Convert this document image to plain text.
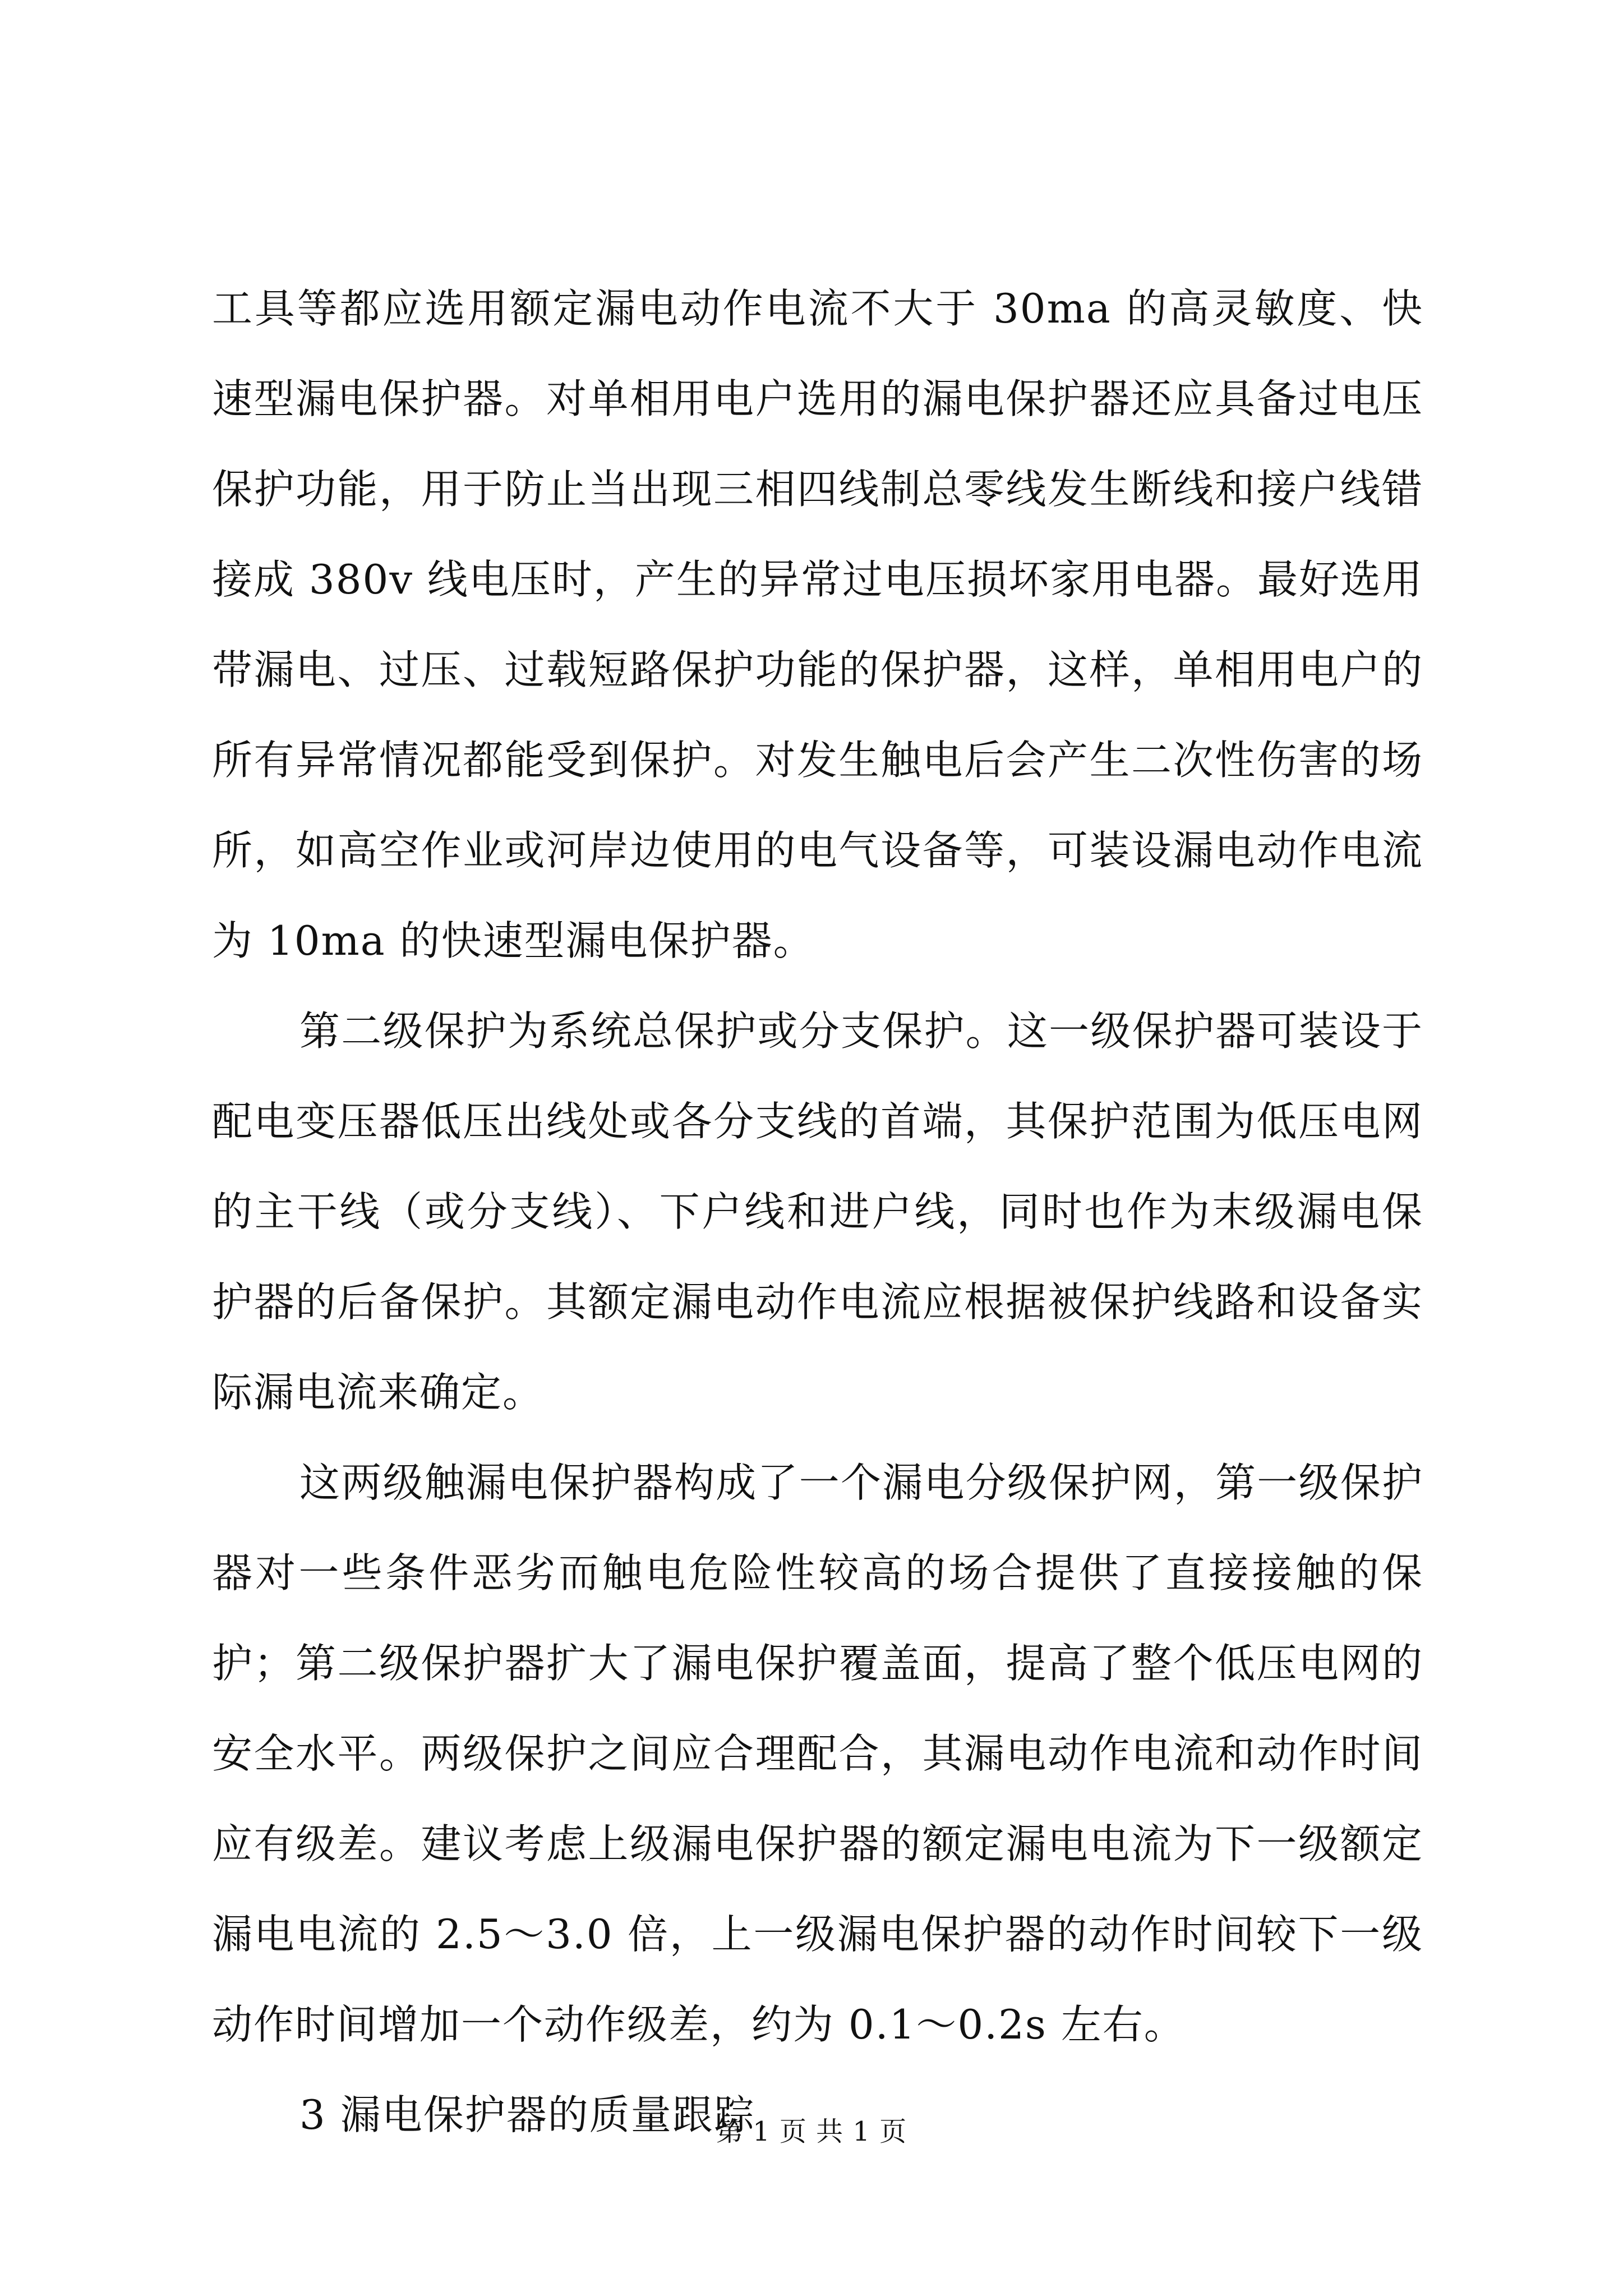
工具等都应选用额定漏电动作电流不大于 30ma 的高灵敏度、快速型漏电保护器。对单相用电户选用的漏电保护器还应具备过电压保护功能，用于防止当出现三相四线制总零线发生断线和接户线错接成 380v 线电压时，产生的异常过电压损坏家用电器。最好选用带漏电、过压、过载短路保护功能的保护器，这样，单相用电户的所有异常情况都能受到保护。对发生触电后会产生二次性伤害的场所，如高空作业或河岸边使用的电气设备等，可装设漏电动作电流为 10ma 的快速型漏电保护器。

第二级保护为系统总保护或分支保护。这一级保护器可装设于配电变压器低压出线处或各分支线的首端，其保护范围为低压电网的主干线（或分支线）、下户线和进户线，同时也作为末级漏电保护器的后备保护。其额定漏电动作电流应根据被保护线路和设备实际漏电流来确定。

这两级触漏电保护器构成了一个漏电分级保护网，第一级保护器对一些条件恶劣而触电危险性较高的场合提供了直接接触的保护；第二级保护器扩大了漏电保护覆盖面，提高了整个低压电网的安全水平。两级保护之间应合理配合，其漏电动作电流和动作时间应有级差。建议考虑上级漏电保护器的额定漏电电流为下一级额定漏电电流的 2.5～3.0 倍，上一级漏电保护器的动作时间较下一级动作时间增加一个动作级差，约为 0.1～0.2s 左右。

3 漏电保护器的质量跟踪

第 1 页 共 1 页
